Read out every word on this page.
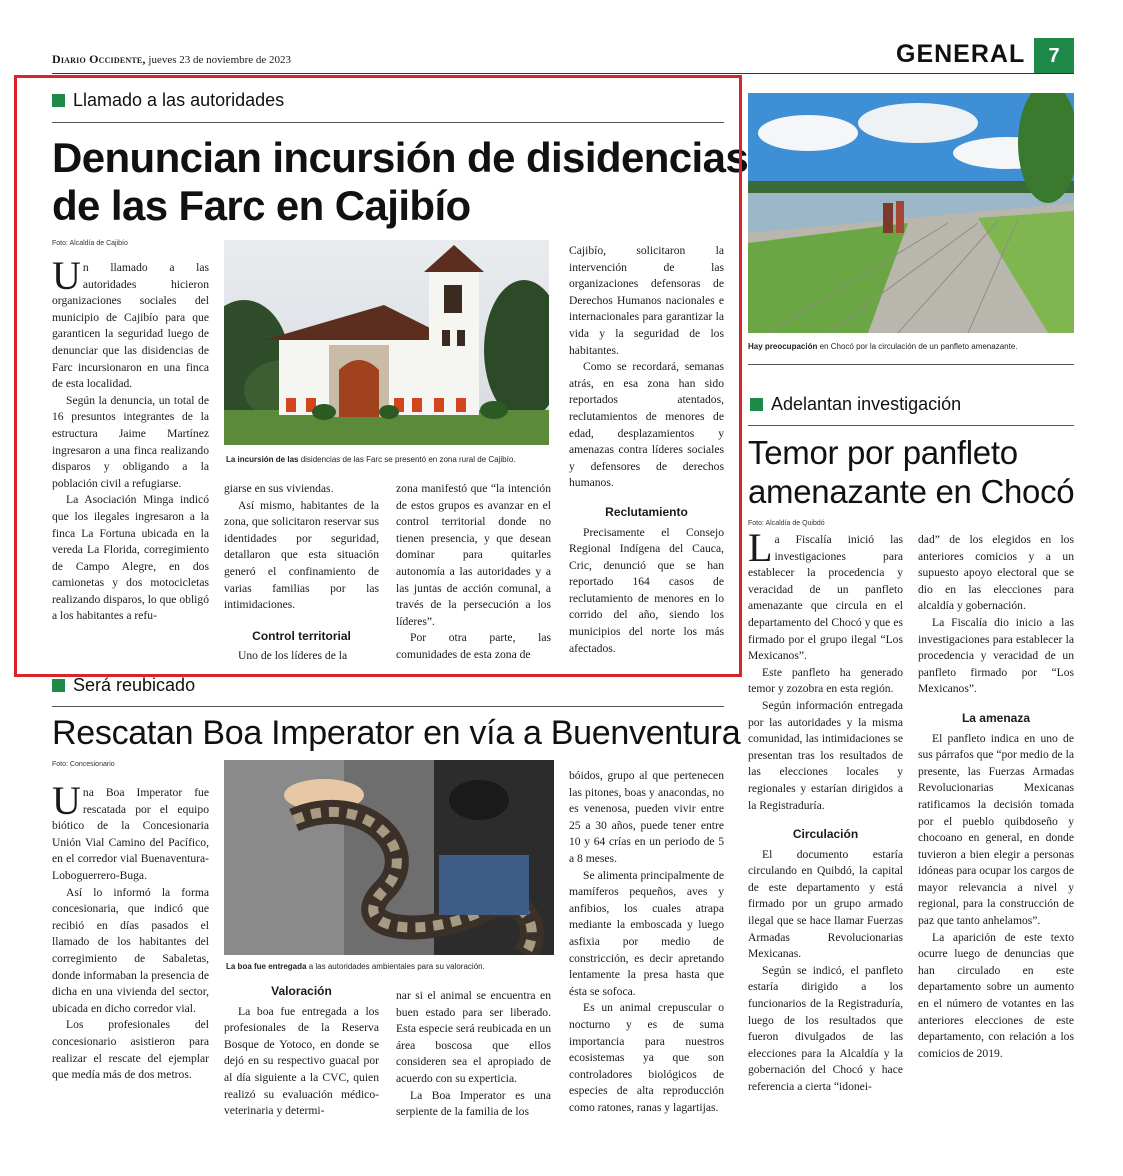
Diario Occidente, jueves 23 de noviembre de 2023	GENERAL	7
Llamado a las autoridades
Denuncian incursión de disidencias
de las Farc en Cajibío
Foto: Alcaldía de Cajibío
La incursión de las disidencias de las Farc se presentó en zona rural de Cajibío.

Un llamado a las autoridades hicieron organizaciones sociales del municipio de Cajibío para que garanticen la seguridad luego de denunciar que las disidencias de Farc incursionaron en una finca de esta localidad.

Según la denuncia, un total de 16 presuntos integrantes de la estructura Jaime Martínez ingresaron a una finca realizando disparos y obligando a la población civil a refugiarse.

La Asociación Minga indicó que los ilegales ingresaron a la finca La Fortuna ubicada en la vereda La Florida, corregimiento de Campo Alegre, en dos camionetas y dos motocicletas realizando disparos, lo que obligó a los habitantes a refu-

giarse en sus viviendas.

Así mismo, habitantes de la zona, que solicitaron reservar sus identidades por seguridad, detallaron que esta situación generó el confinamiento de varias familias por las intimidaciones.

Control territorial

Uno de los líderes de la

zona manifestó que “la intención de estos grupos es avanzar en el control territorial donde no tienen presencia, y que desean dominar para quitarles autonomía a las autoridades y a las juntas de acción comunal, a través de la persecución a los líderes”.

Por otra parte, las comunidades de esta zona de

Cajibío, solicitaron la intervención de las organizaciones defensoras de Derechos Humanos nacionales e internacionales para garantizar la vida y la seguridad de los habitantes.

Como se recordará, semanas atrás, en esa zona han sido reportados atentados, reclutamientos de menores de edad, desplazamientos y amenazas contra líderes sociales y defensores de derechos humanos.

Reclutamiento

Precisamente el Consejo Regional Indígena del Cauca, Cric, denunció que se han reportado 164 casos de reclutamiento de menores en lo corrido del año, siendo los municipios del norte los más afectados.

Hay preocupación en Chocó por la circulación de un panfleto amenazante.
Adelantan investigación
Temor por panfleto
amenazante en Chocó
Foto: Alcaldía de Quibdó

La Fiscalía inició las investigaciones para establecer la procedencia y veracidad de un panfleto amenazante que circula en el departamento del Chocó y que es firmado por el grupo ilegal “Los Mexicanos”.

Este panfleto ha generado temor y zozobra en esta región.

Según información entregada por las autoridades y la misma comunidad, las intimidaciones se presentan tras los resultados de las elecciones locales y regionales y estarían dirigidos a la Registraduría.

Circulación

El documento estaría circulando en Quibdó, la capital de este departamento y está firmado por un grupo armado ilegal que se hace llamar Fuerzas Armadas Revolucionarias Mexicanas.

Según se indicó, el panfleto estaría dirigido a los funcionarios de la Registraduría, luego de los resultados que fueron divulgados de las elecciones para la Alcaldía y la gobernación del Chocó y hace referencia a cierta “idonei-

dad” de los elegidos en los anteriores comicios y a un supuesto apoyo electoral que se dio en las elecciones para alcaldía y gobernación.

La Fiscalía dio inicio a las investigaciones para establecer la procedencia y veracidad de un panfleto firmado por “Los Mexicanos”.

La amenaza

El panfleto indica en uno de sus párrafos que “por medio de la presente, las Fuerzas Armadas Revolucionarias Mexicanas ratificamos la decisión tomada por el pueblo quibdoseño y chocoano en general, en donde tuvieron a bien elegir a personas idóneas para ocupar los cargos de mayor relevancia a nivel y regional, para la construcción de paz que tanto anhelamos”.

La aparición de este texto ocurre luego de denuncias que han circulado en este departamento sobre un aumento en el número de votantes en las anteriores elecciones de este departamento, con relación a los comicios de 2019.

Será reubicado
Rescatan Boa Imperator en vía a Buenventura
Foto: Concesionario
La boa fue entregada a las autoridades ambientales para su valoración.

Una Boa Imperator fue rescatada por el equipo biótico de la Concesionaria Unión Vial Camino del Pacífico, en el corredor vial Buenaventura- Loboguerrero-Buga.

Así lo informó la forma concesionaria, que indicó que recibió en días pasados el llamado de los habitantes del corregimiento de Sabaletas, donde informaban la presencia de dicha en una vivienda del sector, ubicada en dicho corredor vial.

Los profesionales del concesionario asistieron para realizar el rescate del ejemplar que medía más de dos metros.

Valoración

La boa fue entregada a los profesionales de la Reserva Bosque de Yotoco, en donde se dejó en su respectivo guacal por al día siguiente a la CVC, quien realizó su evaluación médico- veterinaria y determi-

nar si el animal se encuentra en buen estado para ser liberado. Esta especie será reubicada en un área boscosa que ellos consideren sea el apropiado de acuerdo con su experticia.

La Boa Imperator es una serpiente de la familia de los

bóidos, grupo al que pertenecen las pitones, boas y anacondas, no es venenosa, pueden vivir entre 25 a 30 años, puede tener entre 10 y 64 crías en un periodo de 5 a 8 meses.

Se alimenta principalmente de mamíferos pequeños, aves y anfibios, los cuales atrapa mediante la emboscada y luego asfixia por medio de constricción, es decir apretando lentamente la presa hasta que ésta se sofoca.

Es un animal crepuscular o nocturno y es de suma importancia para nuestros ecosistemas ya que son controladores biológicos de especies de alta reproducción como ratones, ranas y lagartijas.
